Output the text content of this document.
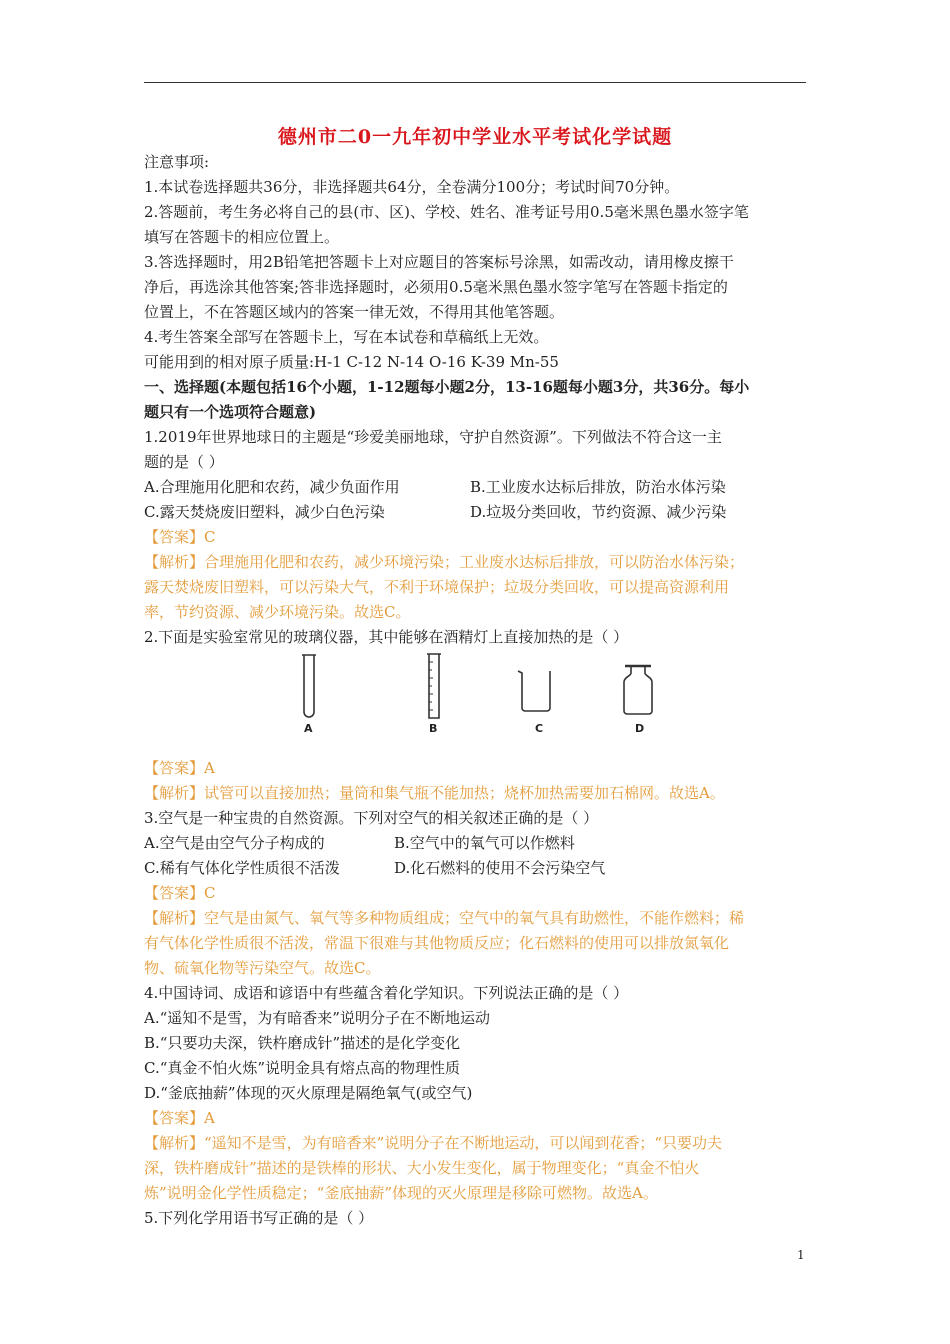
德州市二0一九年初中学业水平考试化学试题
注意事项:
1.本试卷选择题共36分，非选择题共64分，全卷满分100分；考试时间70分钟。
2.答题前，考生务必将自己的县(市、区)、学校、姓名、准考证号用0.5毫米黑色墨水签字笔
填写在答题卡的相应位置上。
3.答选择题时，用2B铅笔把答题卡上对应题目的答案标号涂黑，如需改动，请用橡皮擦干
净后，再选涂其他答案;答非选择题时，必须用0.5毫米黑色墨水签字笔写在答题卡指定的
位置上，不在答题区域内的答案一律无效，不得用其他笔答题。
4.考生答案全部写在答题卡上，写在本试卷和草稿纸上无效。
可能用到的相对原子质量:H-1 C-12 N-14 O-16 K-39 Mn-55
一、选择题(本题包括16个小题，1-12题每小题2分，13-16题每小题3分，共36分。每小
题只有一个选项符合题意)
1.2019年世界地球日的主题是“珍爱美丽地球，守护自然资源”。下列做法不符合这一主
题的是（ ）
A.合理施用化肥和农药，减少负面作用	B.工业废水达标后排放，防治水体污染
C.露天焚烧废旧塑料，减少白色污染	D.垃圾分类回收，节约资源、减少污染
【答案】C
【解析】合理施用化肥和农药，减少环境污染；工业废水达标后排放，可以防治水体污染；
露天焚烧废旧塑料，可以污染大气，不利于环境保护；垃圾分类回收，可以提高资源利用
率，节约资源、减少环境污染。故选C。
2.下面是实验室常见的玻璃仪器，其中能够在酒精灯上直接加热的是（ ）
A	B	C	D
【答案】A
【解析】试管可以直接加热；量筒和集气瓶不能加热；烧杯加热需要加石棉网。故选A。
3.空气是一种宝贵的自然资源。下列对空气的相关叙述正确的是（ ）
A.空气是由空气分子构成的	B.空气中的氧气可以作燃料
C.稀有气体化学性质很不活泼	D.化石燃料的使用不会污染空气
【答案】C
【解析】空气是由氮气、氧气等多种物质组成；空气中的氧气具有助燃性，不能作燃料；稀
有气体化学性质很不活泼，常温下很难与其他物质反应；化石燃料的使用可以排放氮氧化
物、硫氧化物等污染空气。故选C。
4.中国诗词、成语和谚语中有些蕴含着化学知识。下列说法正确的是（ ）
A.“遥知不是雪，为有暗香来”说明分子在不断地运动
B.“只要功夫深，铁杵磨成针”描述的是化学变化
C.“真金不怕火炼”说明金具有熔点高的物理性质
D.“釜底抽薪”体现的灭火原理是隔绝氧气(或空气)
【答案】A
【解析】“遥知不是雪，为有暗香来”说明分子在不断地运动，可以闻到花香；“只要功夫
深，铁杵磨成针”描述的是铁棒的形状、大小发生变化，属于物理变化；“真金不怕火
炼”说明金化学性质稳定；“釜底抽薪”体现的灭火原理是移除可燃物。故选A。
5.下列化学用语书写正确的是（ ）
1
